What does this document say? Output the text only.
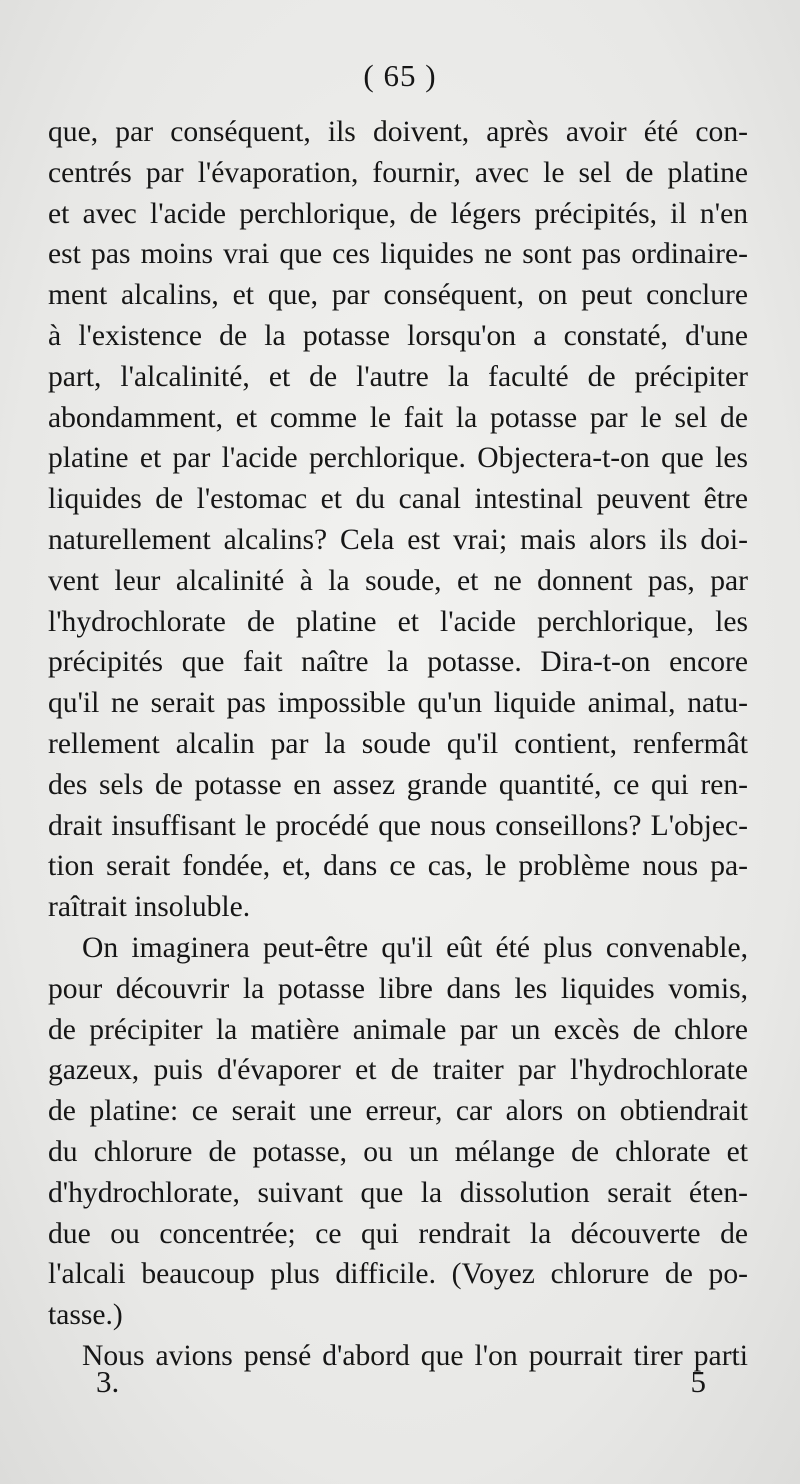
( 65 )
que, par conséquent, ils doivent, après avoir été con-
centrés par l'évaporation, fournir, avec le sel de platine
et avec l'acide perchlorique, de légers précipités, il n'en
est pas moins vrai que ces liquides ne sont pas ordinaire-
ment alcalins, et que, par conséquent, on peut conclure
à l'existence de la potasse lorsqu'on a constaté, d'une
part, l'alcalinité, et de l'autre la faculté de précipiter
abondamment, et comme le fait la potasse par le sel de
platine et par l'acide perchlorique. Objectera-t-on que les
liquides de l'estomac et du canal intestinal peuvent être
naturellement alcalins? Cela est vrai; mais alors ils doi-
vent leur alcalinité à la soude, et ne donnent pas, par
l'hydrochlorate de platine et l'acide perchlorique, les
précipités que fait naître la potasse. Dira-t-on encore
qu'il ne serait pas impossible qu'un liquide animal, natu-
rellement alcalin par la soude qu'il contient, renfermât
des sels de potasse en assez grande quantité, ce qui ren-
drait insuffisant le procédé que nous conseillons? L'objec-
tion serait fondée, et, dans ce cas, le problème nous pa-
raîtrait insoluble.
On imaginera peut-être qu'il eût été plus convenable,
pour découvrir la potasse libre dans les liquides vomis,
de précipiter la matière animale par un excès de chlore
gazeux, puis d'évaporer et de traiter par l'hydrochlorate
de platine: ce serait une erreur, car alors on obtiendrait
du chlorure de potasse, ou un mélange de chlorate et
d'hydrochlorate, suivant que la dissolution serait éten-
due ou concentrée; ce qui rendrait la découverte de
l'alcali beaucoup plus difficile. (Voyez chlorure de po-
tasse.)
Nous avions pensé d'abord que l'on pourrait tirer parti
3.	5
